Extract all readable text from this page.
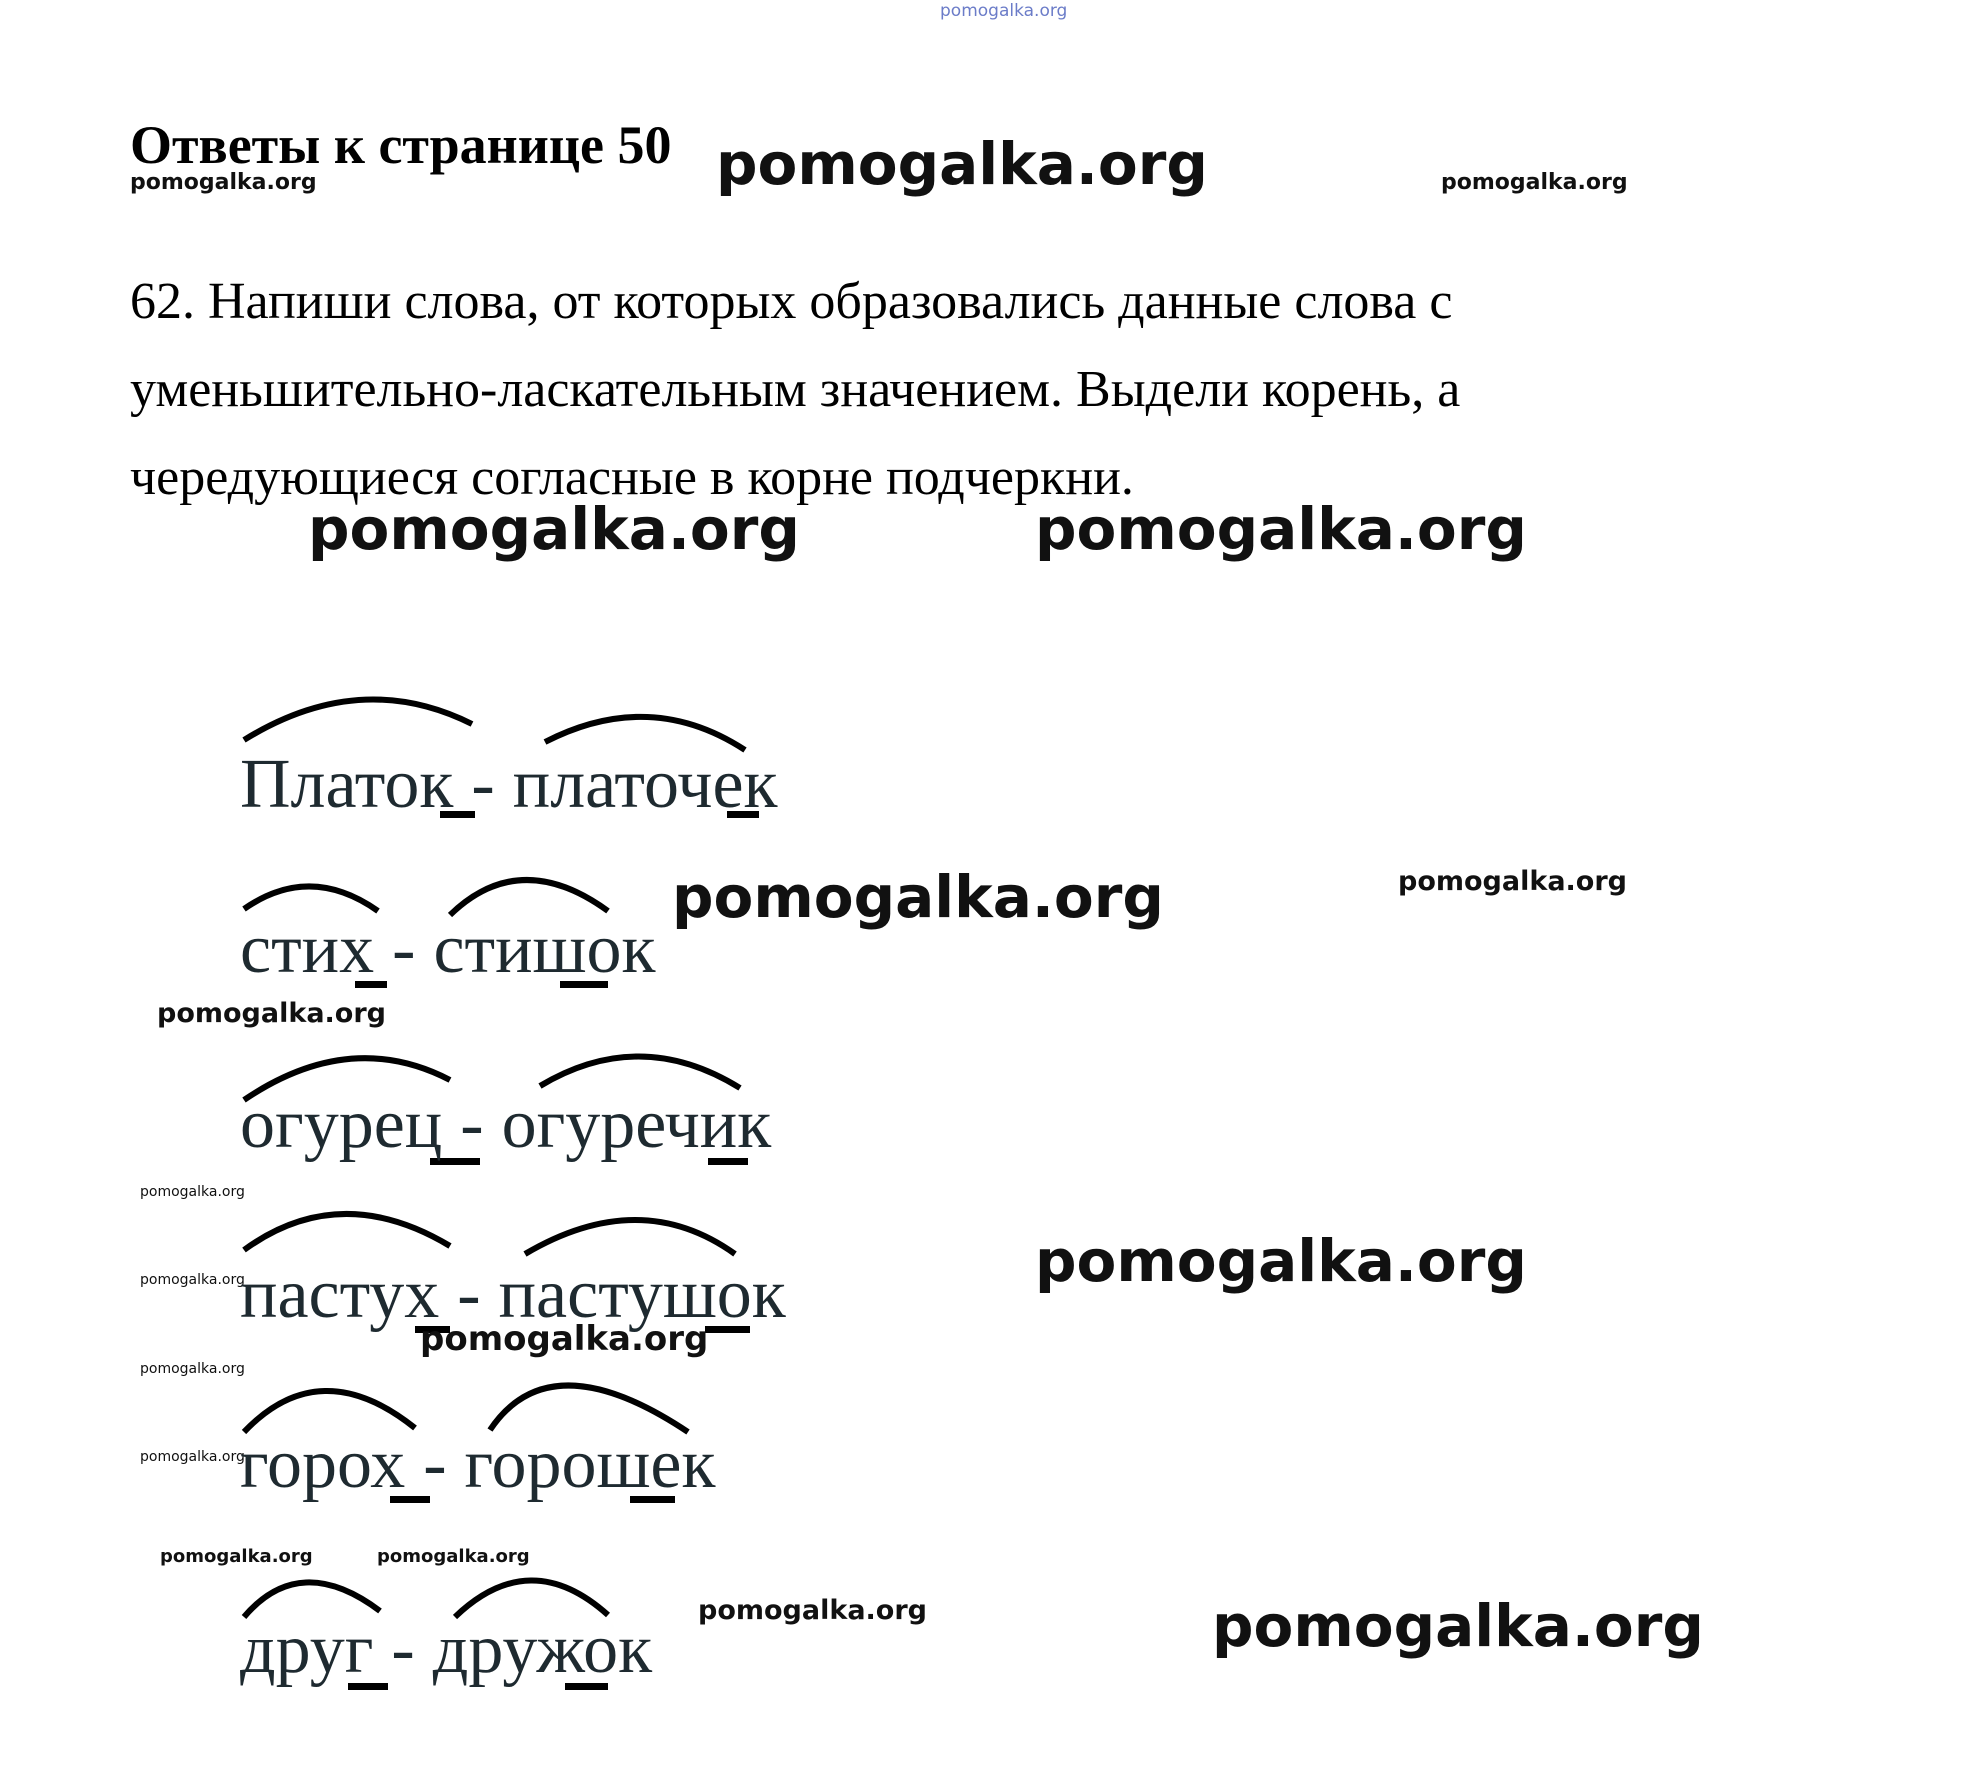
pomogalka.org
Ответы к странице 50 pomogalka.org
pomogalka.org	pomogalka.org

62. Напиши слова, от которых образовались данные слова с

уменьшительно-ласкательным значением. Выдели корень, а

чередующиеся согласные в корне подчеркни.

pomogalka.org	pomogalka.org
Платок - платочек
стих - стишок
pomogalka.org	pomogalka.org
pomogalka.org
огурец - огуречик
pomogalka.org
pomogalka.org
пастух - пастушок	pomogalka.org
pomogalka.org
pomogalka.org
pomogalka.org
горох - горошек
pomogalka.org	pomogalka.org
друг - дружок
pomogalka.org	pomogalka.org
